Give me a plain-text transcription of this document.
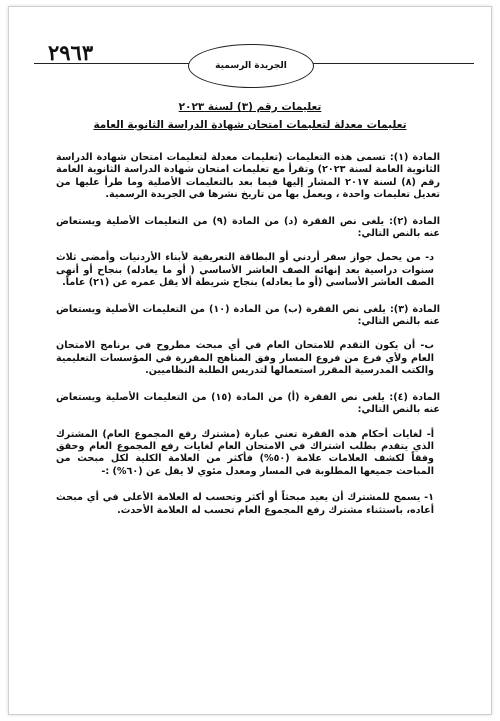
٢٩٦٣
الجريدة الرسمية
تعليمات رقم (٣) لسنة ٢٠٢٣
تعليمات معدلة لتعليمات امتحان شهادة الدراسة الثانوية العامة

المادة (١): تسمى هذه التعليمات (تعليمات معدلة لتعليمات امتحان شهادة الدراسة الثانوية العامة لسنة ٢٠٢٣) وتقرأ مع تعليمات امتحان شهادة الدراسة الثانوية العامة رقم (٨) لسنة ٢٠١٧ المشار إليها فيما بعد بالتعليمات الأصلية وما طرأ عليها من تعديل تعليمات واحدة ، ويعمل بها من تاريخ نشرها في الجريدة الرسمية.

المادة (٢): يلغى نص الفقرة (د) من المادة (٩) من التعليمات الأصلية ويستعاض عنه بالنص التالي:

د- من يحمل جواز سفر أردني أو البطاقة التعريفية لأبناء الأردنيات وأمضى ثلاث سنوات دراسية بعد إنهائه الصف العاشر الأساسي ( أو ما يعادله) بنجاح أو أنهى الصف العاشر الأساسي (أو ما يعادله) بنجاح شريطة ألا يقل عمره عن (٢١) عاماً.

المادة (٣): يلغى نص الفقرة (ب) من المادة (١٠) من التعليمات الأصلية ويستعاض عنه بالنص التالي:

ب- أن يكون التقدم للامتحان العام في أي مبحث مطروح في برنامج الامتحان العام ولأي فرع من فروع المسار وفق المناهج المقررة في المؤسسات التعليمية والكتب المدرسية المقرر استعمالها لتدريس الطلبة النظاميين.

المادة (٤): يلغى نص الفقرة (أ) من المادة (١٥) من التعليمات الأصلية ويستعاض عنه بالنص التالي:

أ- لغايات أحكام هذه الفقرة تعني عبارة (مشترك رفع المجموع العام) المشترك الذي يتقدم بطلب اشتراك في الامتحان العام لغايات رفع المجموع العام وحقق وفقاً لكشف العلامات علامة (٥٠%) فأكثر من العلامة الكلية لكل مبحث من المباحث جميعها المطلوبة في المسار ومعدل مئوي لا يقل عن (٦٠%) :-

١- يسمح للمشترك أن يعيد مبحثاً أو أكثر وتحسب له العلامة الأعلى في أي مبحث أعاده، باستثناء مشترك رفع المجموع العام تحسب له العلامة الأحدث.
